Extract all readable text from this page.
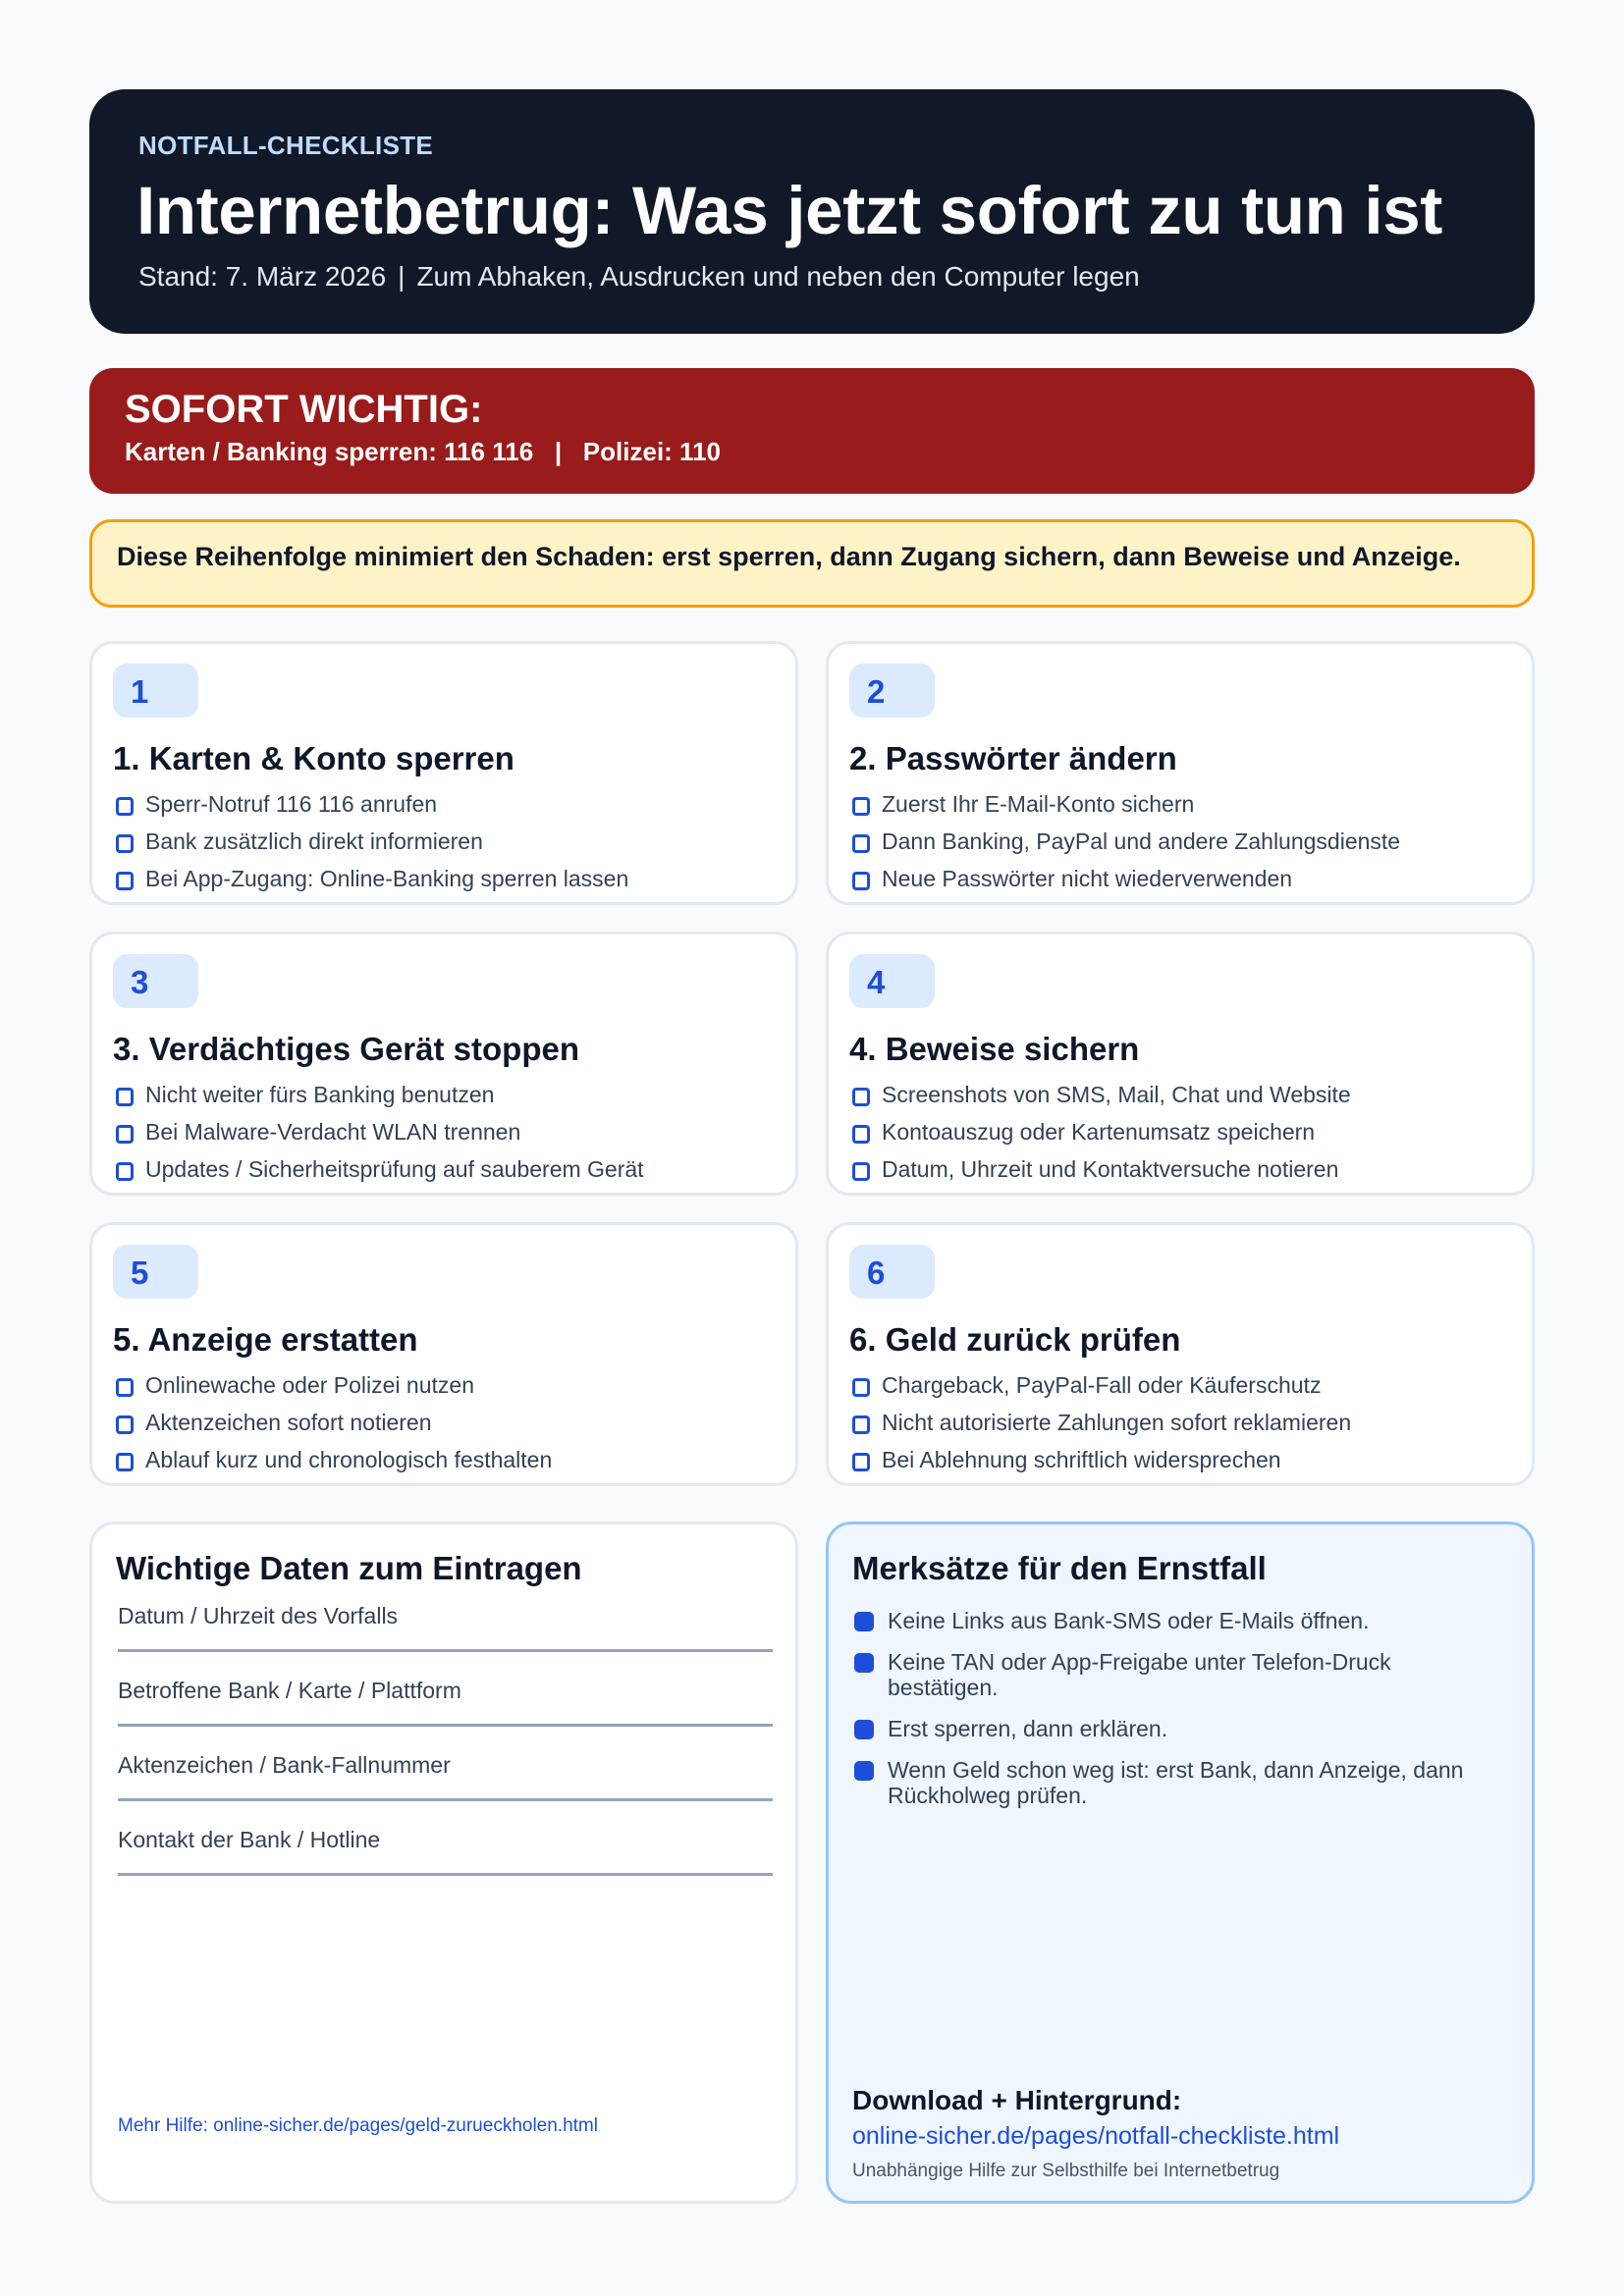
NOTFALL-CHECKLISTE
Internetbetrug: Was jetzt sofort zu tun ist
Stand: 7. März 2026 | Zum Abhaken, Ausdrucken und neben den Computer legen
SOFORT WICHTIG:
Karten / Banking sperren: 116 116   |   Polizei: 110
Diese Reihenfolge minimiert den Schaden: erst sperren, dann Zugang sichern, dann Beweise und Anzeige.
1
1. Karten & Konto sperren
Sperr-Notruf 116 116 anrufen
Bank zusätzlich direkt informieren
Bei App-Zugang: Online-Banking sperren lassen
2
2. Passwörter ändern
Zuerst Ihr E-Mail-Konto sichern
Dann Banking, PayPal und andere Zahlungsdienste
Neue Passwörter nicht wiederverwenden
3
3. Verdächtiges Gerät stoppen
Nicht weiter fürs Banking benutzen
Bei Malware-Verdacht WLAN trennen
Updates / Sicherheitsprüfung auf sauberem Gerät
4
4. Beweise sichern
Screenshots von SMS, Mail, Chat und Website
Kontoauszug oder Kartenumsatz speichern
Datum, Uhrzeit und Kontaktversuche notieren
5
5. Anzeige erstatten
Onlinewache oder Polizei nutzen
Aktenzeichen sofort notieren
Ablauf kurz und chronologisch festhalten
6
6. Geld zurück prüfen
Chargeback, PayPal-Fall oder Käuferschutz
Nicht autorisierte Zahlungen sofort reklamieren
Bei Ablehnung schriftlich widersprechen
Wichtige Daten zum Eintragen
Datum / Uhrzeit des Vorfalls
Betroffene Bank / Karte / Plattform
Aktenzeichen / Bank-Fallnummer
Kontakt der Bank / Hotline
Mehr Hilfe: online-sicher.de/pages/geld-zurueckholen.html
Merksätze für den Ernstfall
Keine Links aus Bank-SMS oder E-Mails öffnen.
Keine TAN oder App-Freigabe unter Telefon-Druck bestätigen.
Erst sperren, dann erklären.
Wenn Geld schon weg ist: erst Bank, dann Anzeige, dann Rückholweg prüfen.
Download + Hintergrund:
online-sicher.de/pages/notfall-checkliste.html
Unabhängige Hilfe zur Selbsthilfe bei Internetbetrug
